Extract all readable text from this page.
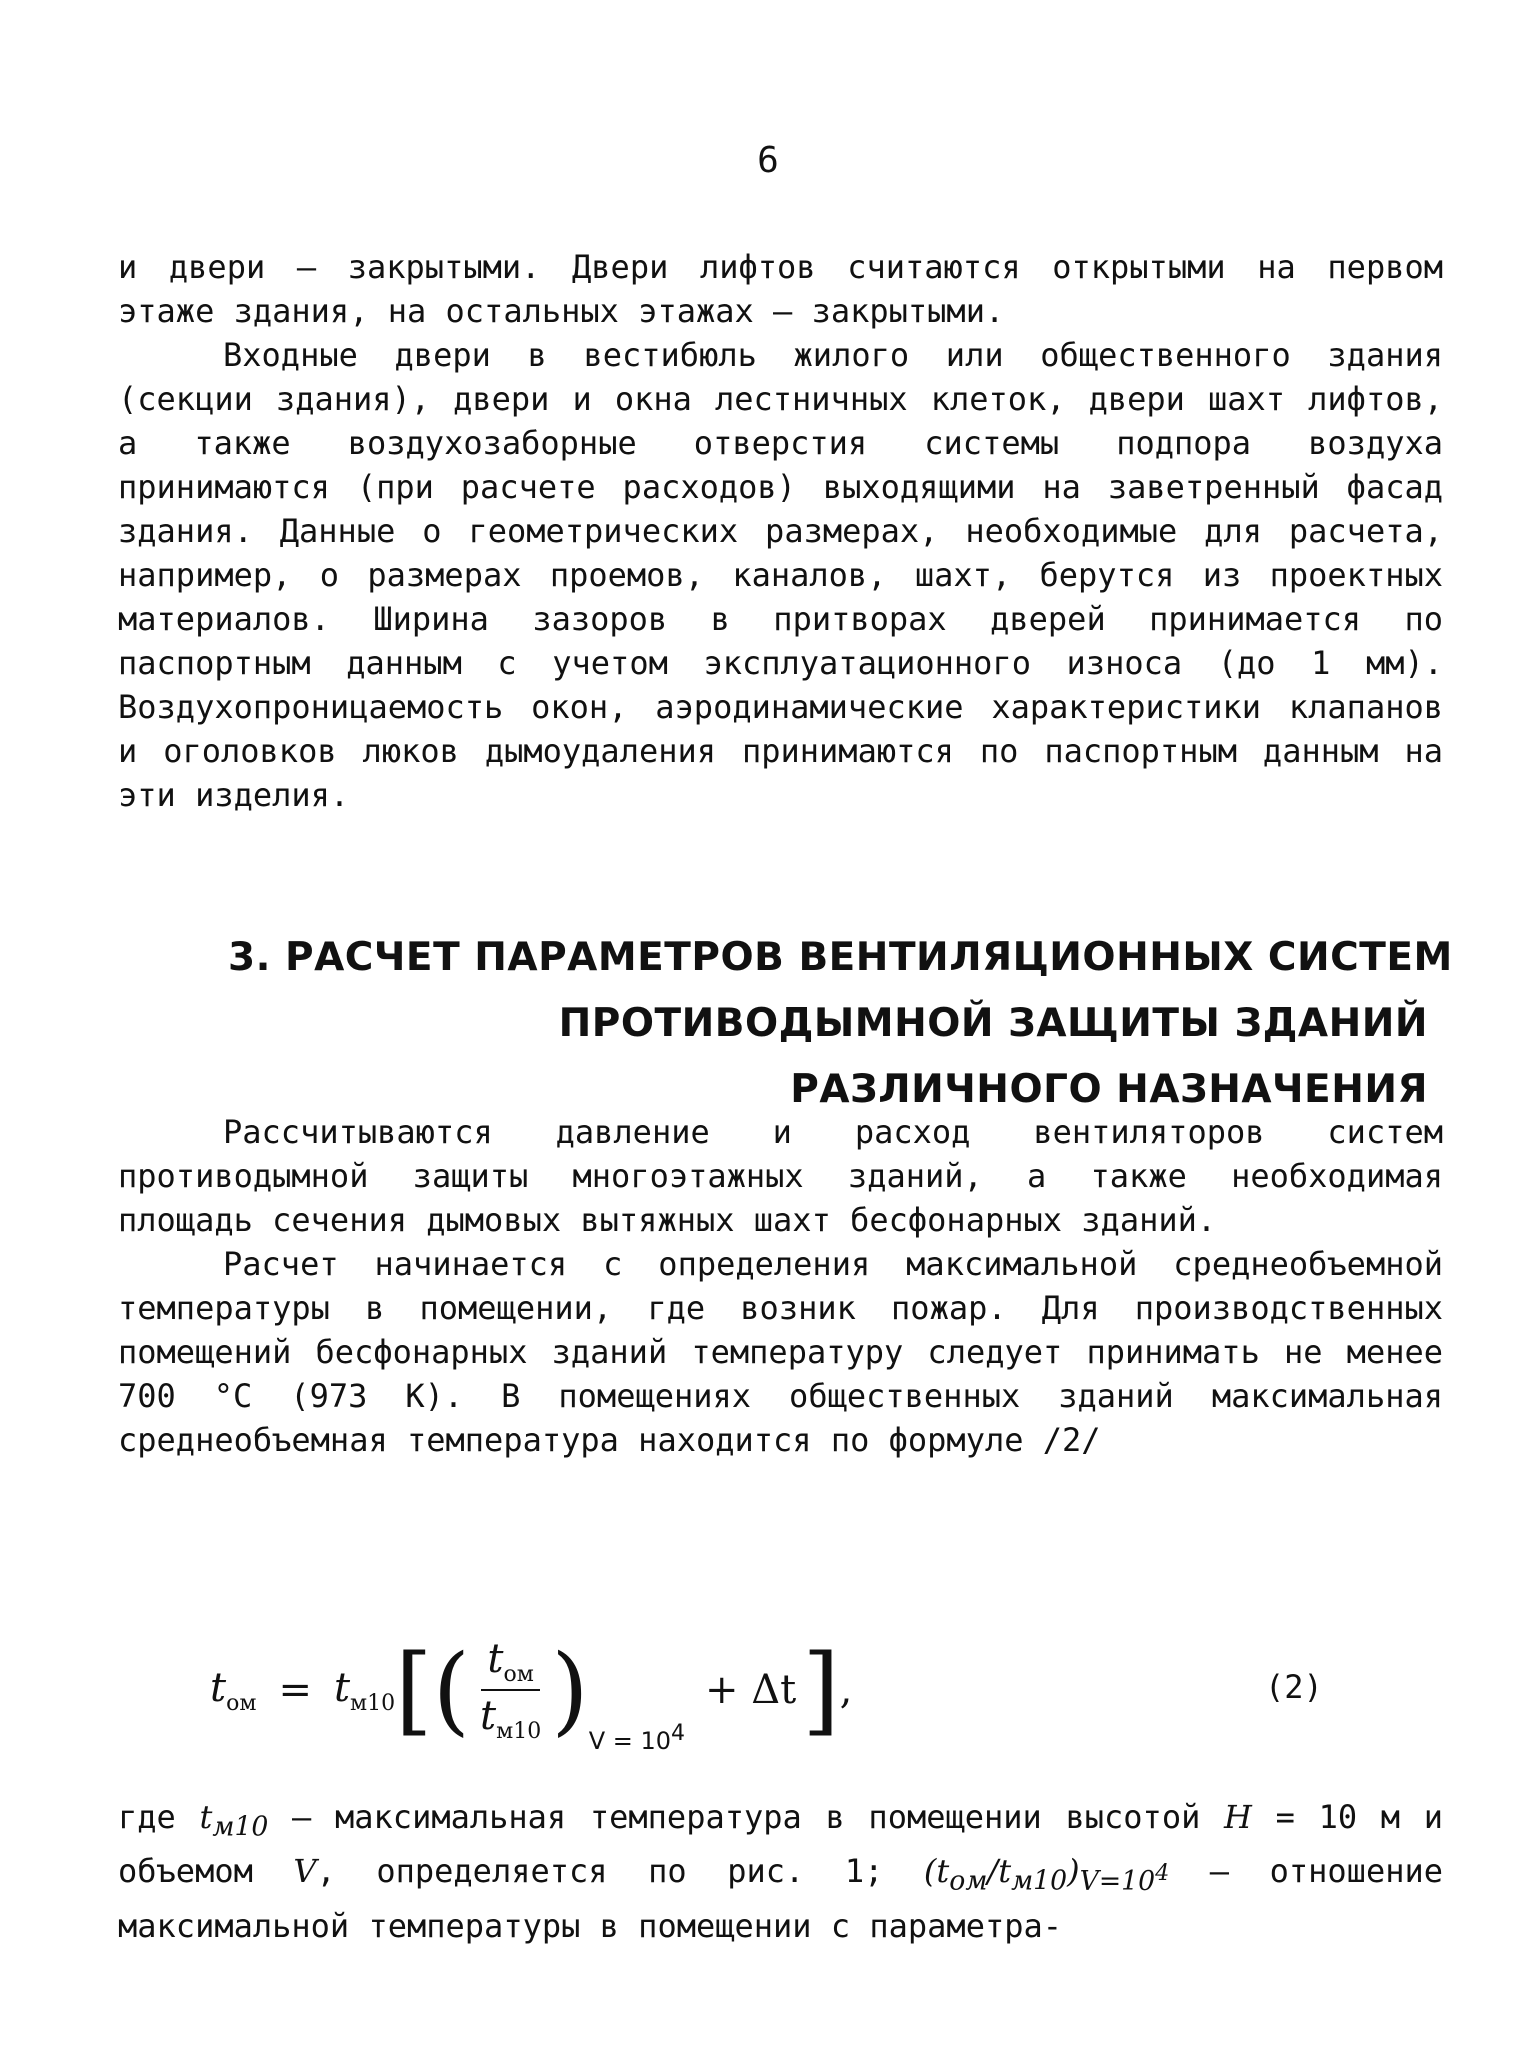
6

и двери – закрытыми. Двери лифтов считаются открытыми на первом этаже здания, на остальных этажах – закрытыми.

Входные двери в вестибюль жилого или общественного здания (секции здания), двери и окна лестничных клеток, двери шахт лифтов, а также воздухозаборные отверстия системы подпора воздуха принимаются (при расчете расходов) выходящими на заветренный фасад здания. Данные о геометрических размерах, необходимые для расчета, например, о размерах проемов, каналов, шахт, берутся из проектных материалов. Ширина зазоров в притворах дверей принимается по паспортным данным с учетом эксплуатационного износа (до 1 мм). Воздухопроницаемость окон, аэродинамические характеристики клапанов и оголовков люков дымоудаления принимаются по паспортным данным на эти изделия.

3. РАСЧЕТ ПАРАМЕТРОВ ВЕНТИЛЯЦИОННЫХ СИСТЕМ
ПРОТИВОДЫМНОЙ ЗАЩИТЫ ЗДАНИЙ
РАЗЛИЧНОГО НАЗНАЧЕНИЯ

Рассчитываются давление и расход вентиляторов систем противодымной защиты многоэтажных зданий, а также необходимая площадь сечения дымовых вытяжных шахт бесфонарных зданий.

Расчет начинается с определения максимальной среднеобъемной температуры в помещении, где возник пожар. Для производственных помещений бесфонарных зданий температуру следует принимать не менее 700 °С (973 К). В помещениях общественных зданий максимальная среднеобъемная температура находится по формуле /2/

$t_{ом} = t_{м10}$ [ ( $\frac{t_{ом}}{t_{м10}}$ ) $V = 10^4$
+ Δt ] ,	(2)

где $t_{м10}$ – максимальная температура в помещении высотой H = 10 м и объемом V, определяется по рис. 1; $(t_{ом}/t_{м10})_{V=10^4}$ – отношение максимальной температуры в помещении с параметра-
